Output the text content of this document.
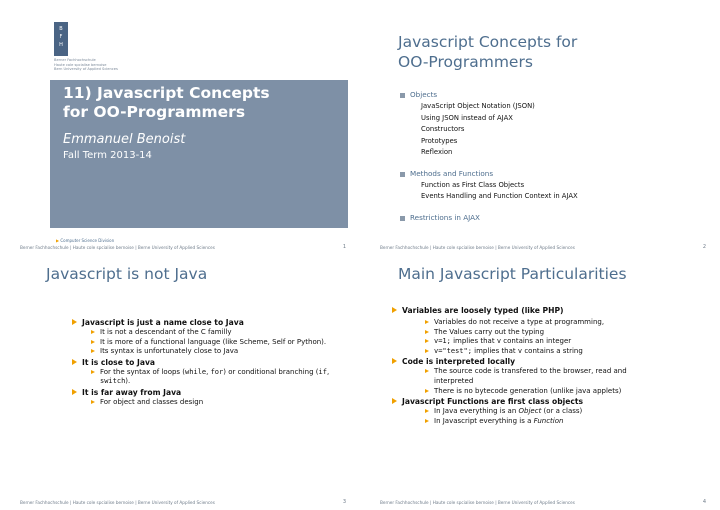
B
F
H
Berner Fachhochschule
Haute cole spcialise bernoise
Bern University of Applied Sciences
11) Javascript Concepts for OO-Programmers
Emmanuel Benoist
Fall Term 2013-14
▶ Computer Science Division
Berner Fachhochschule | Haute cole spcialise bernoise | Berne University of Applied Sciences	1
Javascript Concepts for OO-Programmers
Objects
JavaScript Object Notation (JSON)
Using JSON instead of AJAX
Constructors
Prototypes
Reflexion
Methods and Functions
Function as First Class Objects
Events Handling and Function Context in AJAX
Restrictions in AJAX
Berner Fachhochschule | Haute cole spcialise bernoise | Berne University of Applied Sciences	2
Javascript is not Java
Javascript is just a name close to Java
It is not a descendant of the C familly
It is more of a functional language (like Scheme, Self or Python).
Its syntax is unfortunately close to Java
It is close to Java
For the syntax of loops (while, for) or conditional branching (if, switch).
It is far away from Java
For object and classes design
Berner Fachhochschule | Haute cole spcialise bernoise | Berne University of Applied Sciences	3
Main Javascript Particularities
Variables are loosely typed (like PHP)
Variables do not receive a type at programming,
The Values carry out the typing
v=1; implies that v contains an integer
v="test"; implies that v contains a string
Code is interpreted locally
The source code is transfered to the browser, read and interpreted
There is no bytecode generation (unlike java applets)
Javascript Functions are first class objects
In Java everything is an Object (or a class)
In Javascript everything is a Function
Berner Fachhochschule | Haute cole spcialise bernoise | Berne University of Applied Sciences	4
